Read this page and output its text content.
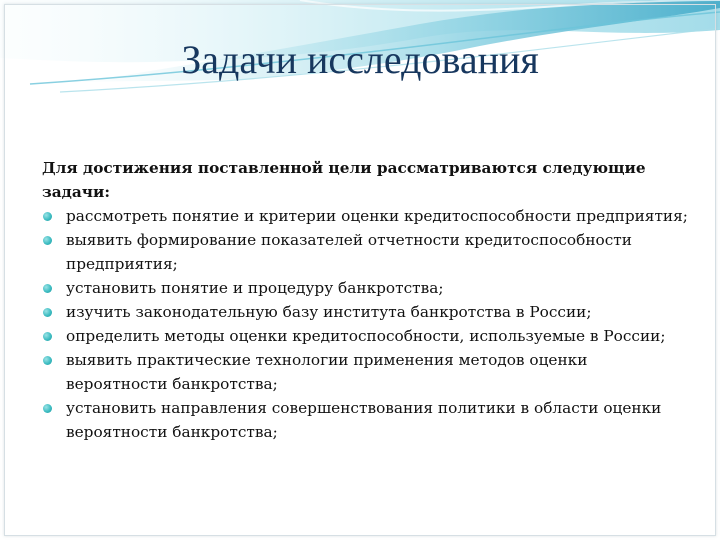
Задачи исследования

Для достижения поставленной цели рассматриваются следующие задачи:

рассмотреть понятие и критерии оценки кредитоспособности предприятия;
выявить формирование показателей отчетности кредитоспособности предприятия;
установить понятие и процедуру банкротства;
изучить законодательную базу института банкротства в России;
определить методы оценки кредитоспособности, используемые в России;
выявить практические технологии применения методов оценки вероятности банкротства;
установить направления совершенствования политики в области оценки вероятности банкротства;
